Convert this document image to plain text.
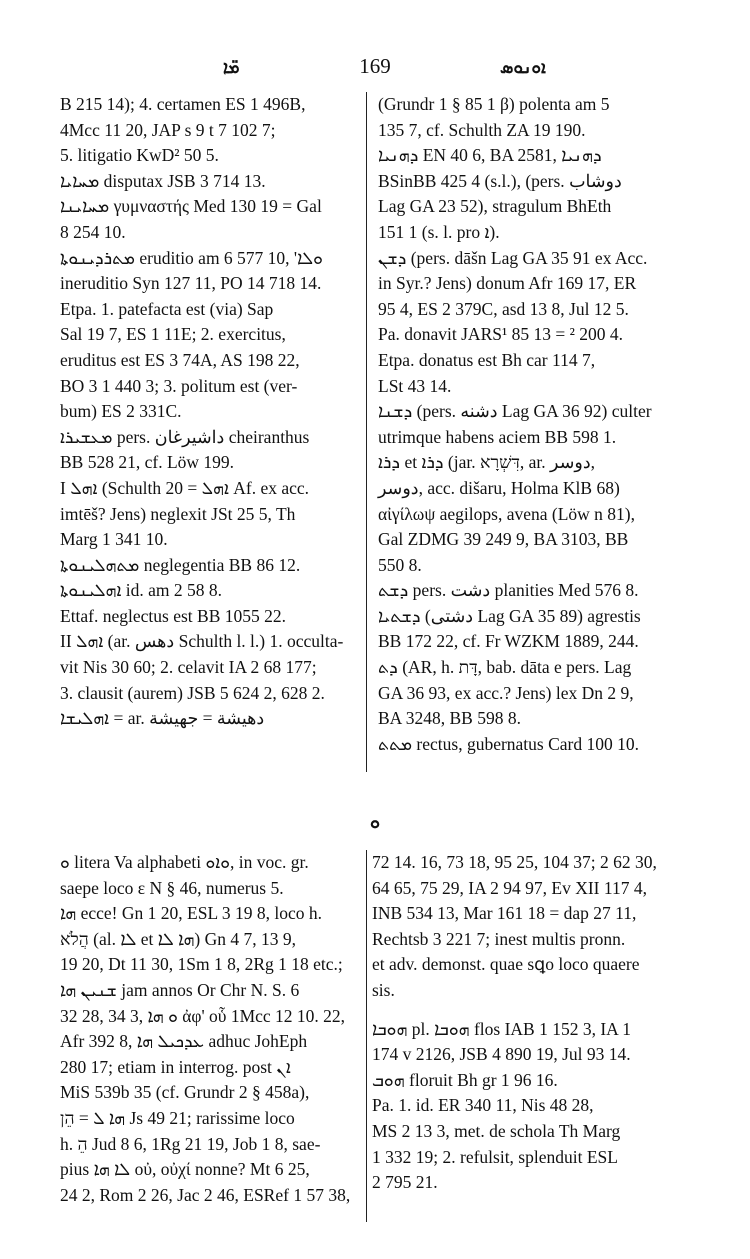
ܡ̈ܐ	169	ܐܘܢܘܣ
ܘ
B 215 14); 4. certamen ES 1 496B,
4Mcc 11 20, JAP s 9 t 7 102 7;
5. litigatio KwD² 50 5.
ܡܚܐܝܐ disputax JSB 3 714 13.
ܡܚܐܝܢܐ γυμναστής Med 130 19 = Gal
8 254 10.
ܡܬܪܕܝܢܘܬܐ eruditio am 6 577 10, 'ܘܠܐ
ineruditio Syn 127 11, PO 14 718 14.
Etpa. 1. patefacta est (via) Sap
Sal 19 7, ES 1 11E; 2. exercitus,
eruditus est ES 3 74A, AS 198 22,
BO 3 1 440 3; 3. politum est (ver-
bum) ES 2 331C.
ܡܥܫܝܪܐ pers. داشیرغان cheiranthus
BB 528 21, cf. Löw 199.
I ܐܗܠ (Schulth 20 = ܐܗܠ Af. ex acc.
imtēš? Jens) neglexit JSt 25 5, Th
Marg 1 341 10.
ܡܬܗܠܝܢܘܬܐ neglegentia BB 86 12.
ܐܗܠܝܢܘܬܐ id. am 2 58 8.
Ettaf. neglectus est BB 1055 22.
II ܐܗܠ (ar. دهس Schulth l. l.) 1. occulta-
vit Nis 30 60; 2. celavit IA 2 68 177;
3. clausit (aurem) JSB 5 624 2, 628 2.
ܐܗܠܝܫܐ = ar. دهیشة = جهیشة
(Grundr 1 § 85 1 β) polenta am 5
135 7, cf. Schulth ZA 19 190.
ܕܗܢܝܐ EN 40 6, BA 2581, ܕܗܢܝܐ
BSinBB 425 4 (s.l.), (pers. دوشاب
Lag GA 23 52), stragulum BhEth
151 1 (s. l. pro ܐ).
ܕܫܢ (pers. dāšn Lag GA 35 91 ex Acc.
in Syr.? Jens) donum Afr 169 17, ER
95 4, ES 2 379C, asd 13 8, Jul 12 5.
Pa. donavit JARS¹ 85 13 = ² 200 4.
Etpa. donatus est Bh car 114 7,
LSt 43 14.
ܕܫܢܐ (pers. دشنه Lag GA 36 92) culter
utrimque habens aciem BB 598 1.
ܕܪܐ et ܕܪܐ (jar. דִּשְׁרָא, ar. دوسر,
دوسر, acc. dišaru, Holma KlB 68)
αἰγίλωψ aegilops, avena (Löw n 81),
Gal ZDMG 39 249 9, BA 3103, BB
550 8.
ܕܫܬ pers. دشت planities Med 576 8.
ܕܫܬܝܐ (دشتی Lag GA 35 89) agrestis
BB 172 22, cf. Fr WZKM 1889, 244.
ܕܬ (AR, h. דָּת, bab. dāta e pers. Lag
GA 36 93, ex acc.? Jens) lex Dn 2 9,
BA 3248, BB 598 8.
ܡܬܬ rectus, gubernatus Card 100 10.
ܘ litera Va alphabeti ܘܐܘ, in voc. gr.
saepe loco ε N § 46, numerus 5.
ܗܐ ecce! Gn 1 20, ESL 3 19 8, loco h.
הֲלֹא (al. ܠܐ et ܗܐ ܠܐ) Gn 4 7, 13 9,
19 20, Dt 11 30, 1Sm 1 8, 2Rg 1 18 etc.;
ܫܢܝܢ ܗܐ jam annos Or Chr N. S. 6
32 28, 34 3, ܘ ܗܐ ἀφ' οὗ 1Mcc 12 10. 22,
Afr 392 8, ܥܕܟܝܠ ܗܐ adhuc JohEph
280 17; etiam in interrog. post ܐܢ
MiS 539b 35 (cf. Grundr 2 § 458a),
ܗܐ ܠ = הֵן Js 49 21; rarissime loco
h. הֵ Jud 8 6, 1Rg 21 19, Job 1 8, sae-
pius ܠܐ ܗܐ οὐ, οὐχί nonne? Mt 6 25,
24 2, Rom 2 26, Jac 2 46, ESRef 1 57 38,
72 14. 16, 73 18, 95 25, 104 37; 2 62 30,
64 65, 75 29, IA 2 94 97, Ev XII 117 4,
INB 534 13, Mar 161 18 = dap 27 11,
Rechtsb 3 221 7; inest multis pronn.
et adv. demonst. quae sꝗo loco quaere
sis.
ܗܘܒܐ pl. ܗܘܒܐ flos IAB 1 152 3, IA 1
174 v 2126, JSB 4 890 19, Jul 93 14.
ܗܘܒ floruit Bh gr 1 96 16.
Pa. 1. id. ER 340 11, Nis 48 28,
MS 2 13 3, met. de schola Th Marg
1 332 19; 2. refulsit, splenduit ESL
2 795 21.
